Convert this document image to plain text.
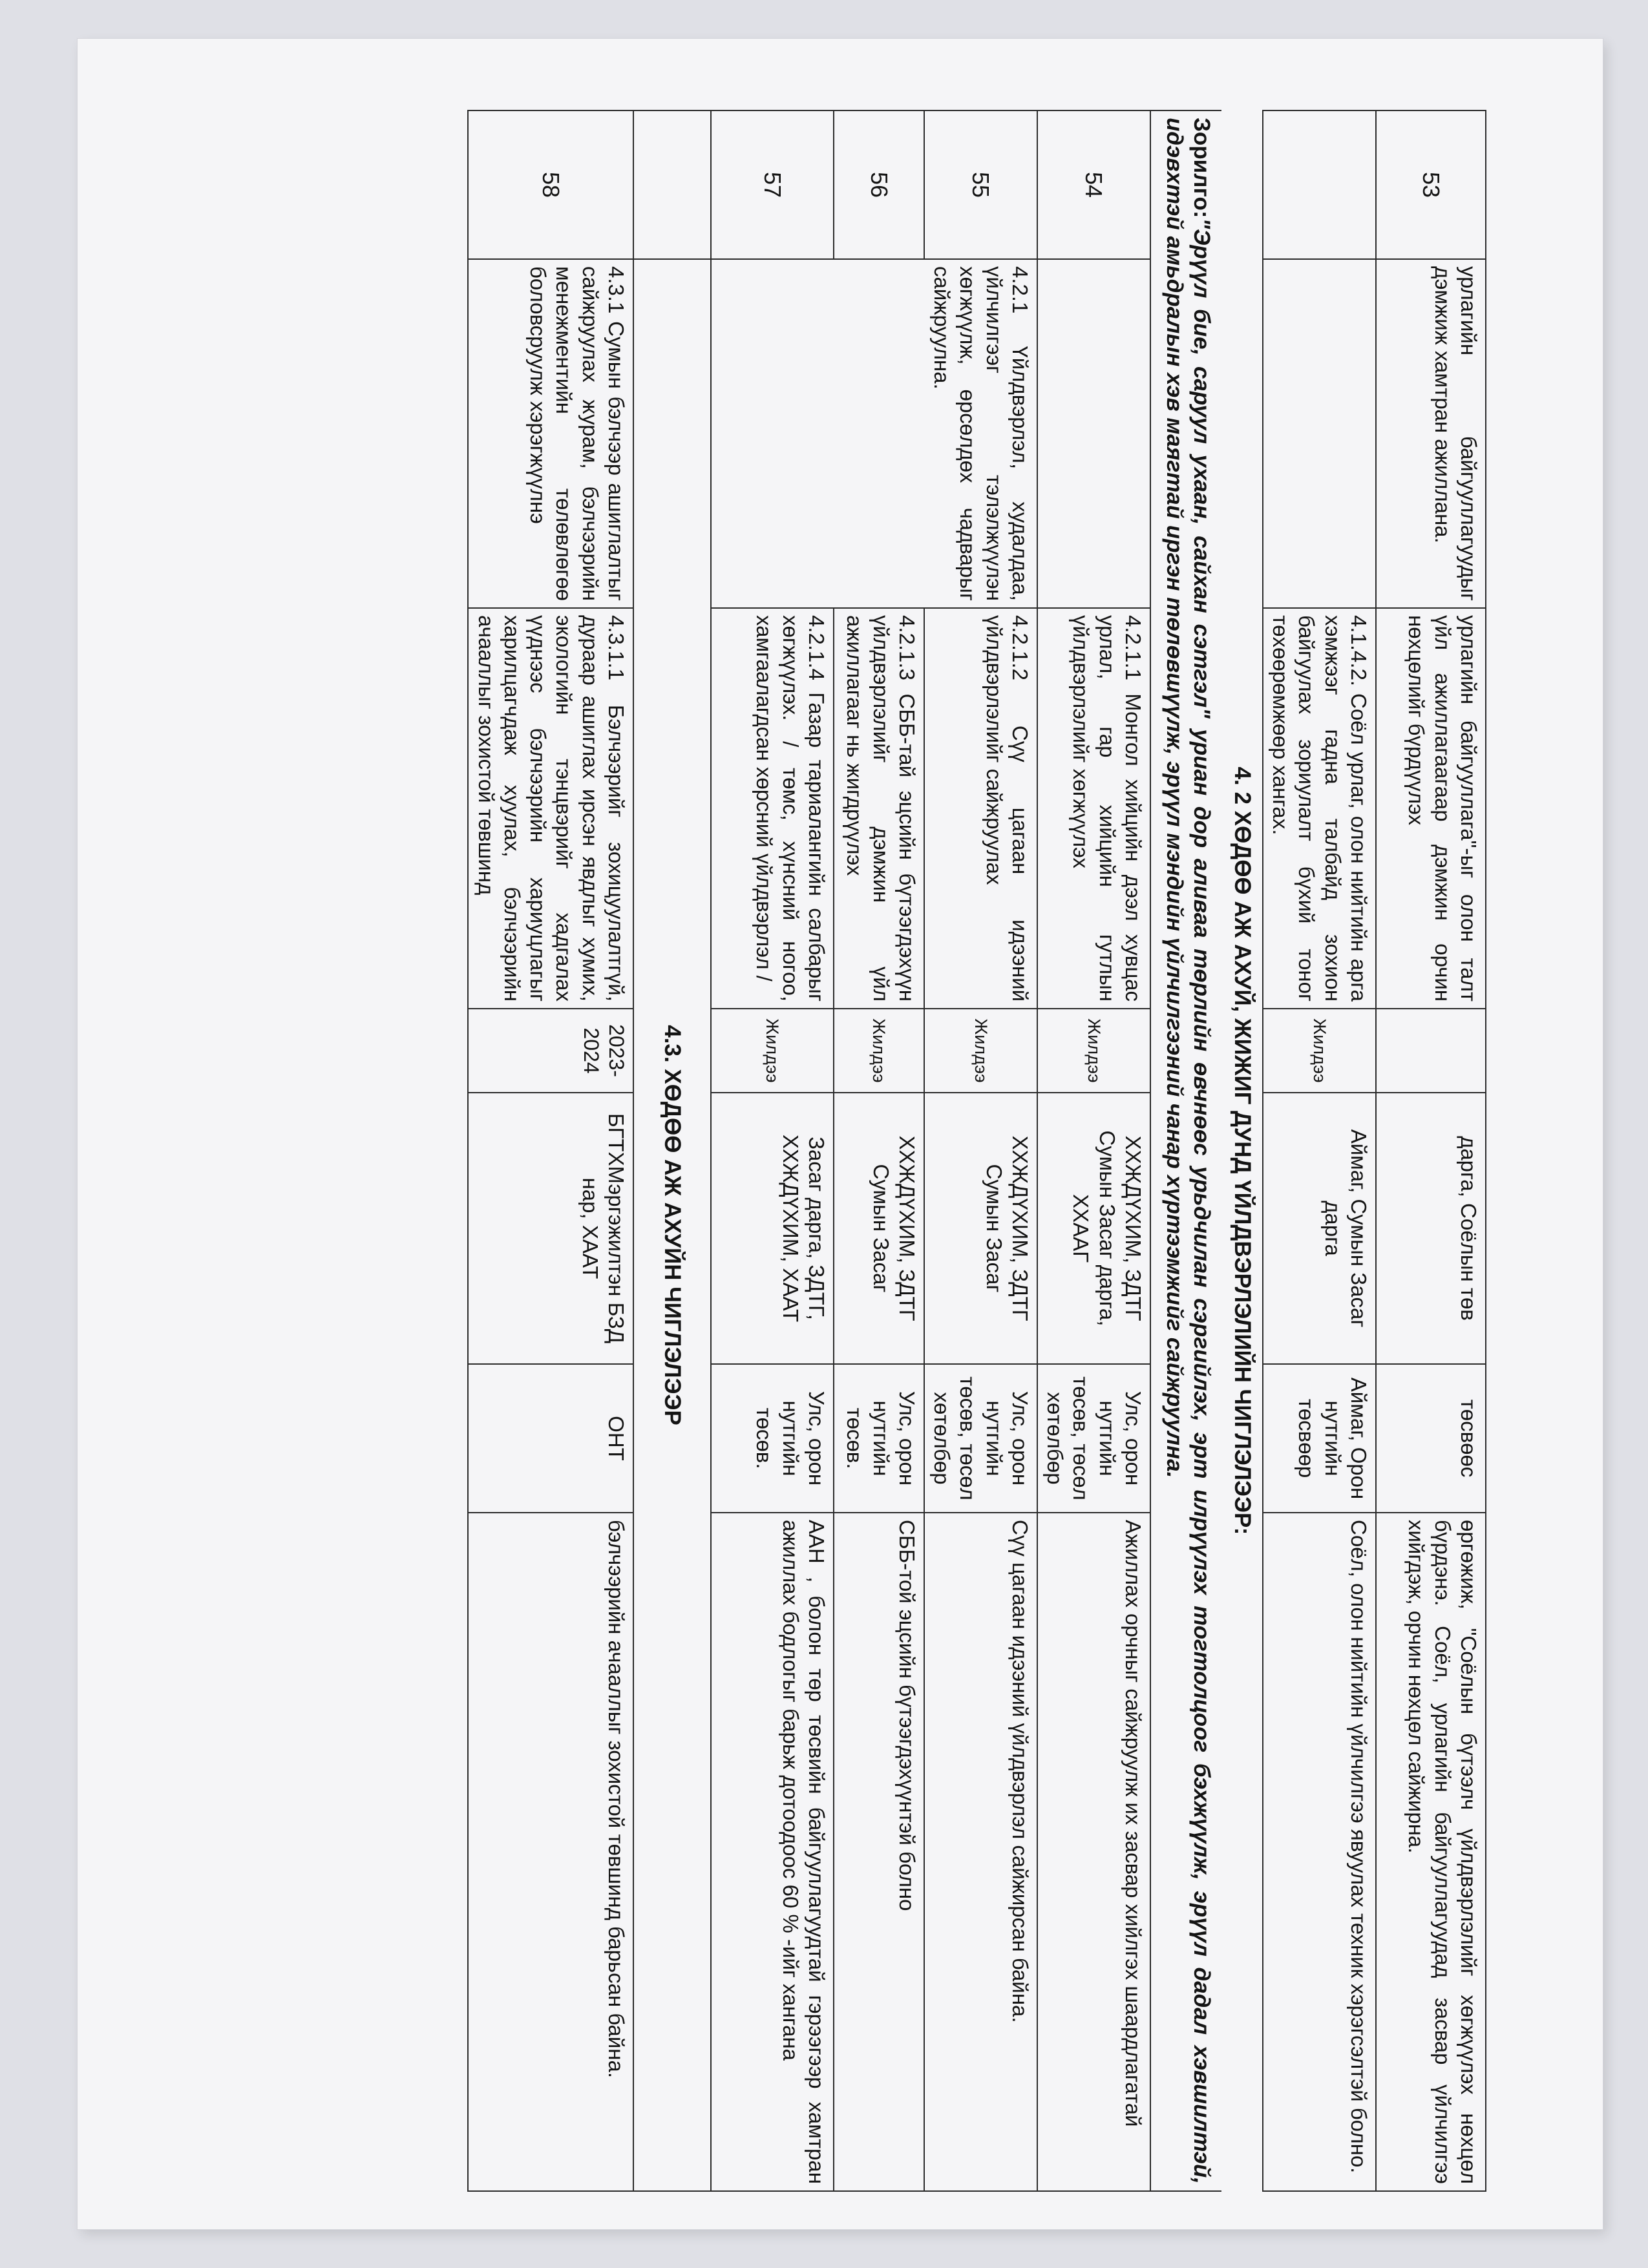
53	урлагийн байгууллагуудыг дэмжиж хамтран ажиллана.	урлагийн байгууллага"-ыг олон талт үйл ажиллагаагаар дэмжин орчин нөхцөлийг бүрдүүлэх		дарга, Соёлын төв	төсвөөс	өргөжиж, "Соёлын бүтээлч үйлдвэрлэлийг хөгжүүлэх нөхцөл бүрдэнэ. Соёл, урлагийн байгууллагуудад засвар үйлчилгээ хийгдэж, орчин нөхцөл сайжирна.
		4.1.4.2. Соёл урлаг, олон нийтийн арга хэмжээг гадна талбайд зохион байгуулах зориулалт бүхий тоног төхөөрөмжөөр хангах.	Жилдээ	Аймаг, Сумын Засаг дарга	Аймаг, Орон нутгийн төсвөөр	Соёл, олон нийтийн үйлчилгээ явуулах техник хэрэгсэлтэй болно.
4. 2 ХӨДӨӨ АЖ АХУЙ, ЖИЖИГ ДУНД ҮЙЛДВЭРЛЭЛИЙН ЧИГЛЭЛЭЭР:						
Зорилго:"Эрүүл бие, саруул ухаан, сайхан сэтгэл" уриан дор аливаа төрлийн өвчнөөс урьдчилан сэргийлэх, эрт илрүүлэх тогтолцоог бэхжүүлж, эрүүл дадал хэвшилтэй, идэвхтэй амьдралын хэв маягтай иргэн төлөвшүүлж, эрүүл мэндийн үйлчилгээний чанар хүртээмжийг сайжруулна.						
54		4.2.1.1 Монгол хийцийн дээл хувцас урлал, гар хийцийн гутлын үйлдвэрлэлийг хөгжүүлэх	Жилдээ	ХХЖДҮХИМ, ЗДТГ Сумын Засаг дарга, ХХААГ	Улс, орон нутгийн төсөв, төсөл хөтөлбөр	Ажиллах орчныг сайжруулж их засвар хийлгэх шаардлагатай
55	4.2.1 Үйлдвэрлэл, худалдаа, үйлчилгээг тэлэлжүүлэн хөгжүүлж, өрсөлдөх чадварыг сайжруулна.	4.2.1.2 Сүү цагаан идээний үйлдвэрлэлийг сайжруулах	Жилдээ	ХХЖДҮХИМ, ЗДТГ Сумын Засаг	Улс, орон нутгийн төсөв, төсөл хөтөлбөр	Сүү цагаан идээний үйлдвэрлэл сайжирсан байна.
56		4.2.1.3 СББ-тай эцсийн бүтээгдэхүүн үйлдвэрлэлийг дэмжин үйл ажиллагааг нь жигдрүүлэх	Жилдээ	ХХЖДҮХИМ, ЗДТГ Сумын Засаг	Улс, орон нутгийн төсөв.	СББ-той эцсийн бүтээгдэхүүнтэй болно
57		4.2.1.4 Газар тариалангийн салбарыг хөгжүүлэх. / төмс, хүнсний ногоо, хамгаалагдсан хөрсний үйлдвэрлэл /	Жилдээ	Засаг дарга, ЗДТГ, ХХЖДҮХИМ, ХААТ	Улс, орон нутгийн төсөв.	ААН , болон төр төсвийн байгууллагуудтай гэрээгээр хамтран ажиллах бодлогыг барьж дотоодоос 60 % -ийг хангана
	4.3. ХӨДӨӨ АЖ АХУЙН ЧИГЛЭЛЭЭР					
58	4.3.1 Сумын бэлчээр ашиглалтыг сайжруулах журам, бэлчээрийн менежментийн төлөвлөгөө боловсруулж хэрэгжүүлнэ	4.3.1.1 Бэлчээрийг зохицуулалтгүй, дураар ашиглах ирсэн явдлыг хумих, экологийн тэнцвэрийг хадгалах үүднээс бэлчээрийн хариуцлагыг харилцагчдаж хуулах, бэлчээрийн ачааллыг зохистой төвшинд	2023-2024	БГТХМэргэжилтэн БЗД нар, ХААТ	ОНТ	бэлчээрийн ачааллыг зохистой төвшинд барьсан байна.
